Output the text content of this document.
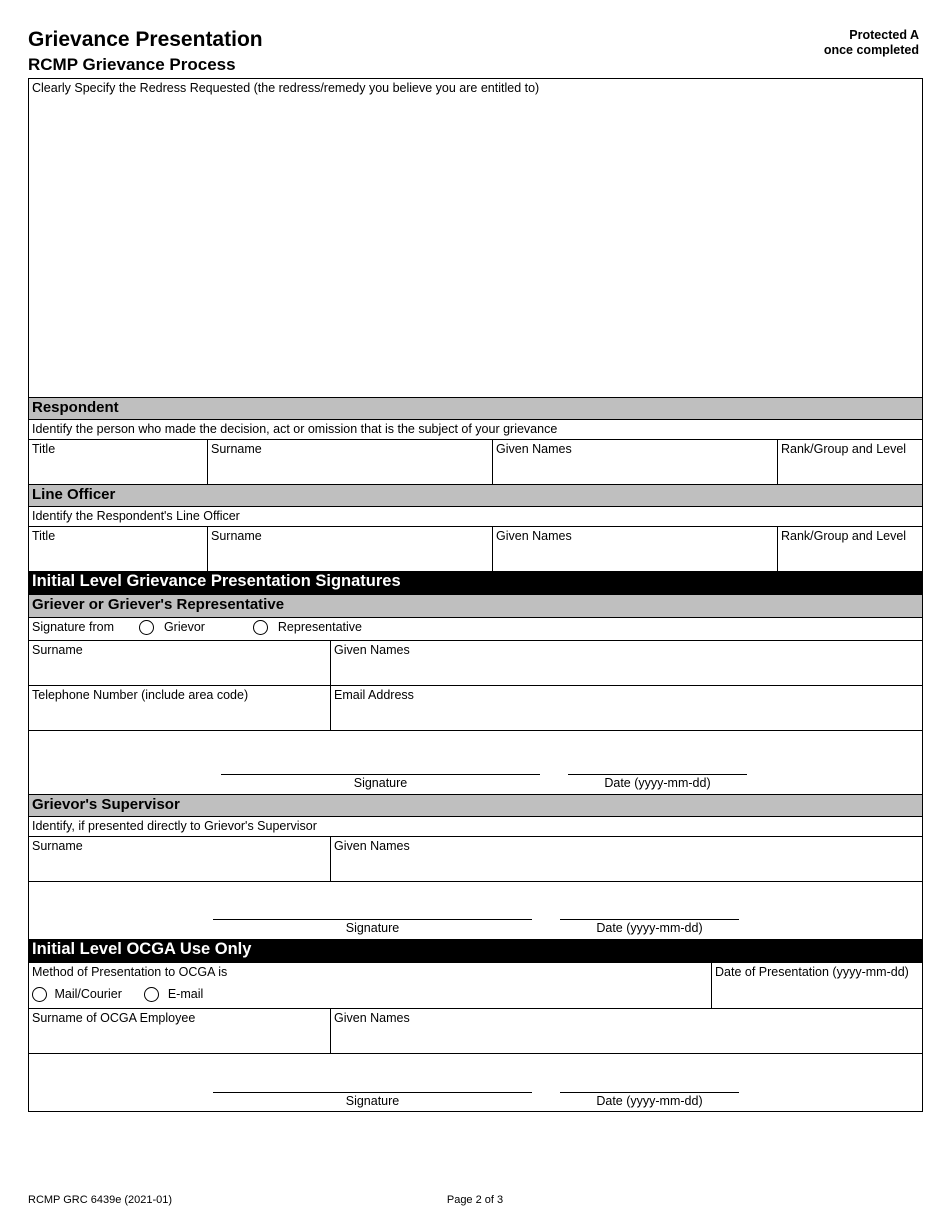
Grievance Presentation
RCMP Grievance Process
Protected A
once completed
Clearly Specify the Redress Requested (the redress/remedy you believe you are entitled to)
Respondent
Identify the person who made the decision, act or omission that is the subject of your grievance
Title	Surname	Given Names	Rank/Group and Level
Line Officer
Identify the Respondent's Line Officer
Title	Surname	Given Names	Rank/Group and Level
Initial Level Grievance Presentation Signatures
Griever or Griever's Representative
Signature from	Grievor	Representative
Surname	Given Names
Telephone Number (include area code)	Email Address
Signature	Date (yyyy-mm-dd)
Grievor's Supervisor
Identify, if presented directly to Grievor's Supervisor
Surname	Given Names
Signature	Date (yyyy-mm-dd)
Initial Level OCGA Use Only
Method of Presentation to OCGA is
Mail/Courier	E-mail
Date of Presentation (yyyy-mm-dd)
Surname of OCGA Employee	Given Names
Signature	Date (yyyy-mm-dd)
RCMP GRC 6439e (2021-01)	Page 2 of 3
